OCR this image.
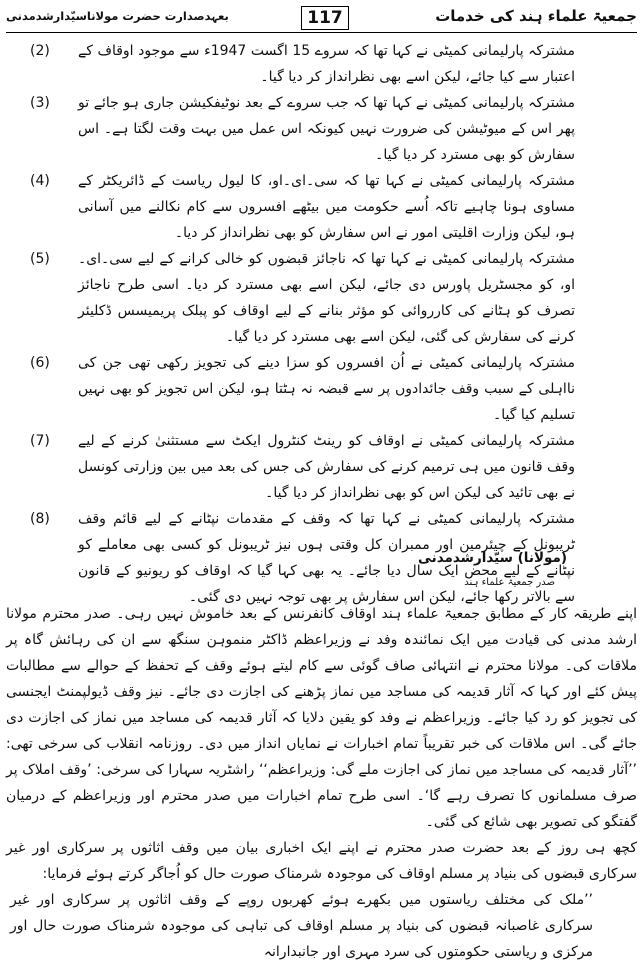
بعہدصدارت حضرت مولاناسیّدارشدمدنی	117	جمعیۃ علماء ہند کی خدمات
(2) مشترکہ پارلیمانی کمیٹی نے کہا تھا کہ سروے 15 اگست 1947ء سے موجود اوقاف کے اعتبار سے کیا جائے، لیکن اسے بھی نظرانداز کر دیا گیا۔
(3) مشترکہ پارلیمانی کمیٹی نے کہا تھا کہ جب سروے کے بعد نوٹیفکیشن جاری ہو جائے تو پھر اس کے میوٹیشن کی ضرورت نہیں کیونکہ اس عمل میں بہت وقت لگتا ہے۔ اس سفارش کو بھی مسترد کر دیا گیا۔
(4) مشترکہ پارلیمانی کمیٹی نے کہا تھا کہ سی۔ای۔او، کا لیول ریاست کے ڈائریکٹر کے مساوی ہونا چاہیے تاکہ اُسے حکومت میں بیٹھے افسروں سے کام نکالنے میں آسانی ہو، لیکن وزارت اقلیتی امور نے اس سفارش کو بھی نظرانداز کر دیا۔
(5) مشترکہ پارلیمانی کمیٹی نے کہا تھا کہ ناجائز قبضوں کو خالی کرانے کے لیے سی۔ای۔او، کو مجسٹریل پاورس دی جائے، لیکن اسے بھی مسترد کر دیا۔ اسی طرح ناجائز تصرف کو ہٹانے کی کارروائی کو مؤثر بنانے کے لیے اوقاف کو پبلک پریمیسس ڈکلیئر کرنے کی سفارش کی گئی، لیکن اسے بھی مسترد کر دیا گیا۔
(6) مشترکہ پارلیمانی کمیٹی نے اُن افسروں کو سزا دینے کی تجویز رکھی تھی جن کی نااہلی کے سبب وقف جائدادوں پر سے قبضہ نہ ہٹتا ہو، لیکن اس تجویز کو بھی نہیں تسلیم کیا گیا۔
(7) مشترکہ پارلیمانی کمیٹی نے اوقاف کو رینٹ کنٹرول ایکٹ سے مستثنیٰ کرنے کے لیے وقف قانون میں ہی ترمیم کرنے کی سفارش کی جس کی بعد میں بین وزارتی کونسل نے بھی تائید کی لیکن اس کو بھی نظرانداز کر دیا گیا۔
(8) مشترکہ پارلیمانی کمیٹی نے کہا تھا کہ وقف کے مقدمات نپٹانے کے لیے قائم وقف ٹریبونل کے چیئرمین اور ممبران کل وقتی ہوں نیز ٹریبونل کو کسی بھی معاملے کو نپٹانے کے لیے محض ایک سال دیا جائے۔ یہ بھی کہا گیا کہ اوقاف کو ریونیو کے قانون سے بالاتر رکھا جائے، لیکن اس سفارش پر بھی توجہ نہیں دی گئی۔
(مولانا) سیّدارشدمدنی
صدر جمعیۃ علماء ہند

اپنے طریقہ کار کے مطابق جمعیۃ علماء ہند اوقاف کانفرنس کے بعد خاموش نہیں رہی۔ صدر محترم مولانا ارشد مدنی کی قیادت میں ایک نمائندہ وفد نے وزیراعظم ڈاکٹر منموہن سنگھ سے ان کی رہائش گاہ پر ملاقات کی۔ مولانا محترم نے انتہائی صاف گوئی سے کام لیتے ہوئے وقف کے تحفظ کے حوالے سے مطالبات پیش کئے اور کہا کہ آثار قدیمہ کی مساجد میں نماز پڑھنے کی اجازت دی جائے۔ نیز وقف ڈیولپمنٹ ایجنسی کی تجویز کو رد کیا جائے۔ وزیراعظم نے وفد کو یقین دلایا کہ آثار قدیمہ کی مساجد میں نماز کی اجازت دی جائے گی۔ اس ملاقات کی خبر تقریباً تمام اخبارات نے نمایاں انداز میں دی۔ روزنامہ انقلاب کی سرخی تھی: ’’آثار قدیمہ کی مساجد میں نماز کی اجازت ملے گی: وزیراعظم‘‘ راشٹریہ سہارا کی سرخی: ’وقف املاک پر صرف مسلمانوں کا تصرف رہے گا‘۔ اسی طرح تمام اخبارات میں صدر محترم اور وزیراعظم کے درمیان گفتگو کی تصویر بھی شائع کی گئی۔

کچھ ہی روز کے بعد حضرت صدر محترم نے اپنے ایک اخباری بیان میں وقف اثاثوں پر سرکاری اور غیر سرکاری قبضوں کی بنیاد پر مسلم اوقاف کی موجودہ شرمناک صورت حال کو اُجاگر کرتے ہوئے فرمایا:

’’ملک کی مختلف ریاستوں میں بکھرے ہوئے کھربوں روپے کے وقف اثاثوں پر سرکاری اور غیر سرکاری غاصبانہ قبضوں کی بنیاد پر مسلم اوقاف کی تباہی کی موجودہ شرمناک صورت حال اور مرکزی و ریاستی حکومتوں کی سرد مہری اور جانبدارانہ
